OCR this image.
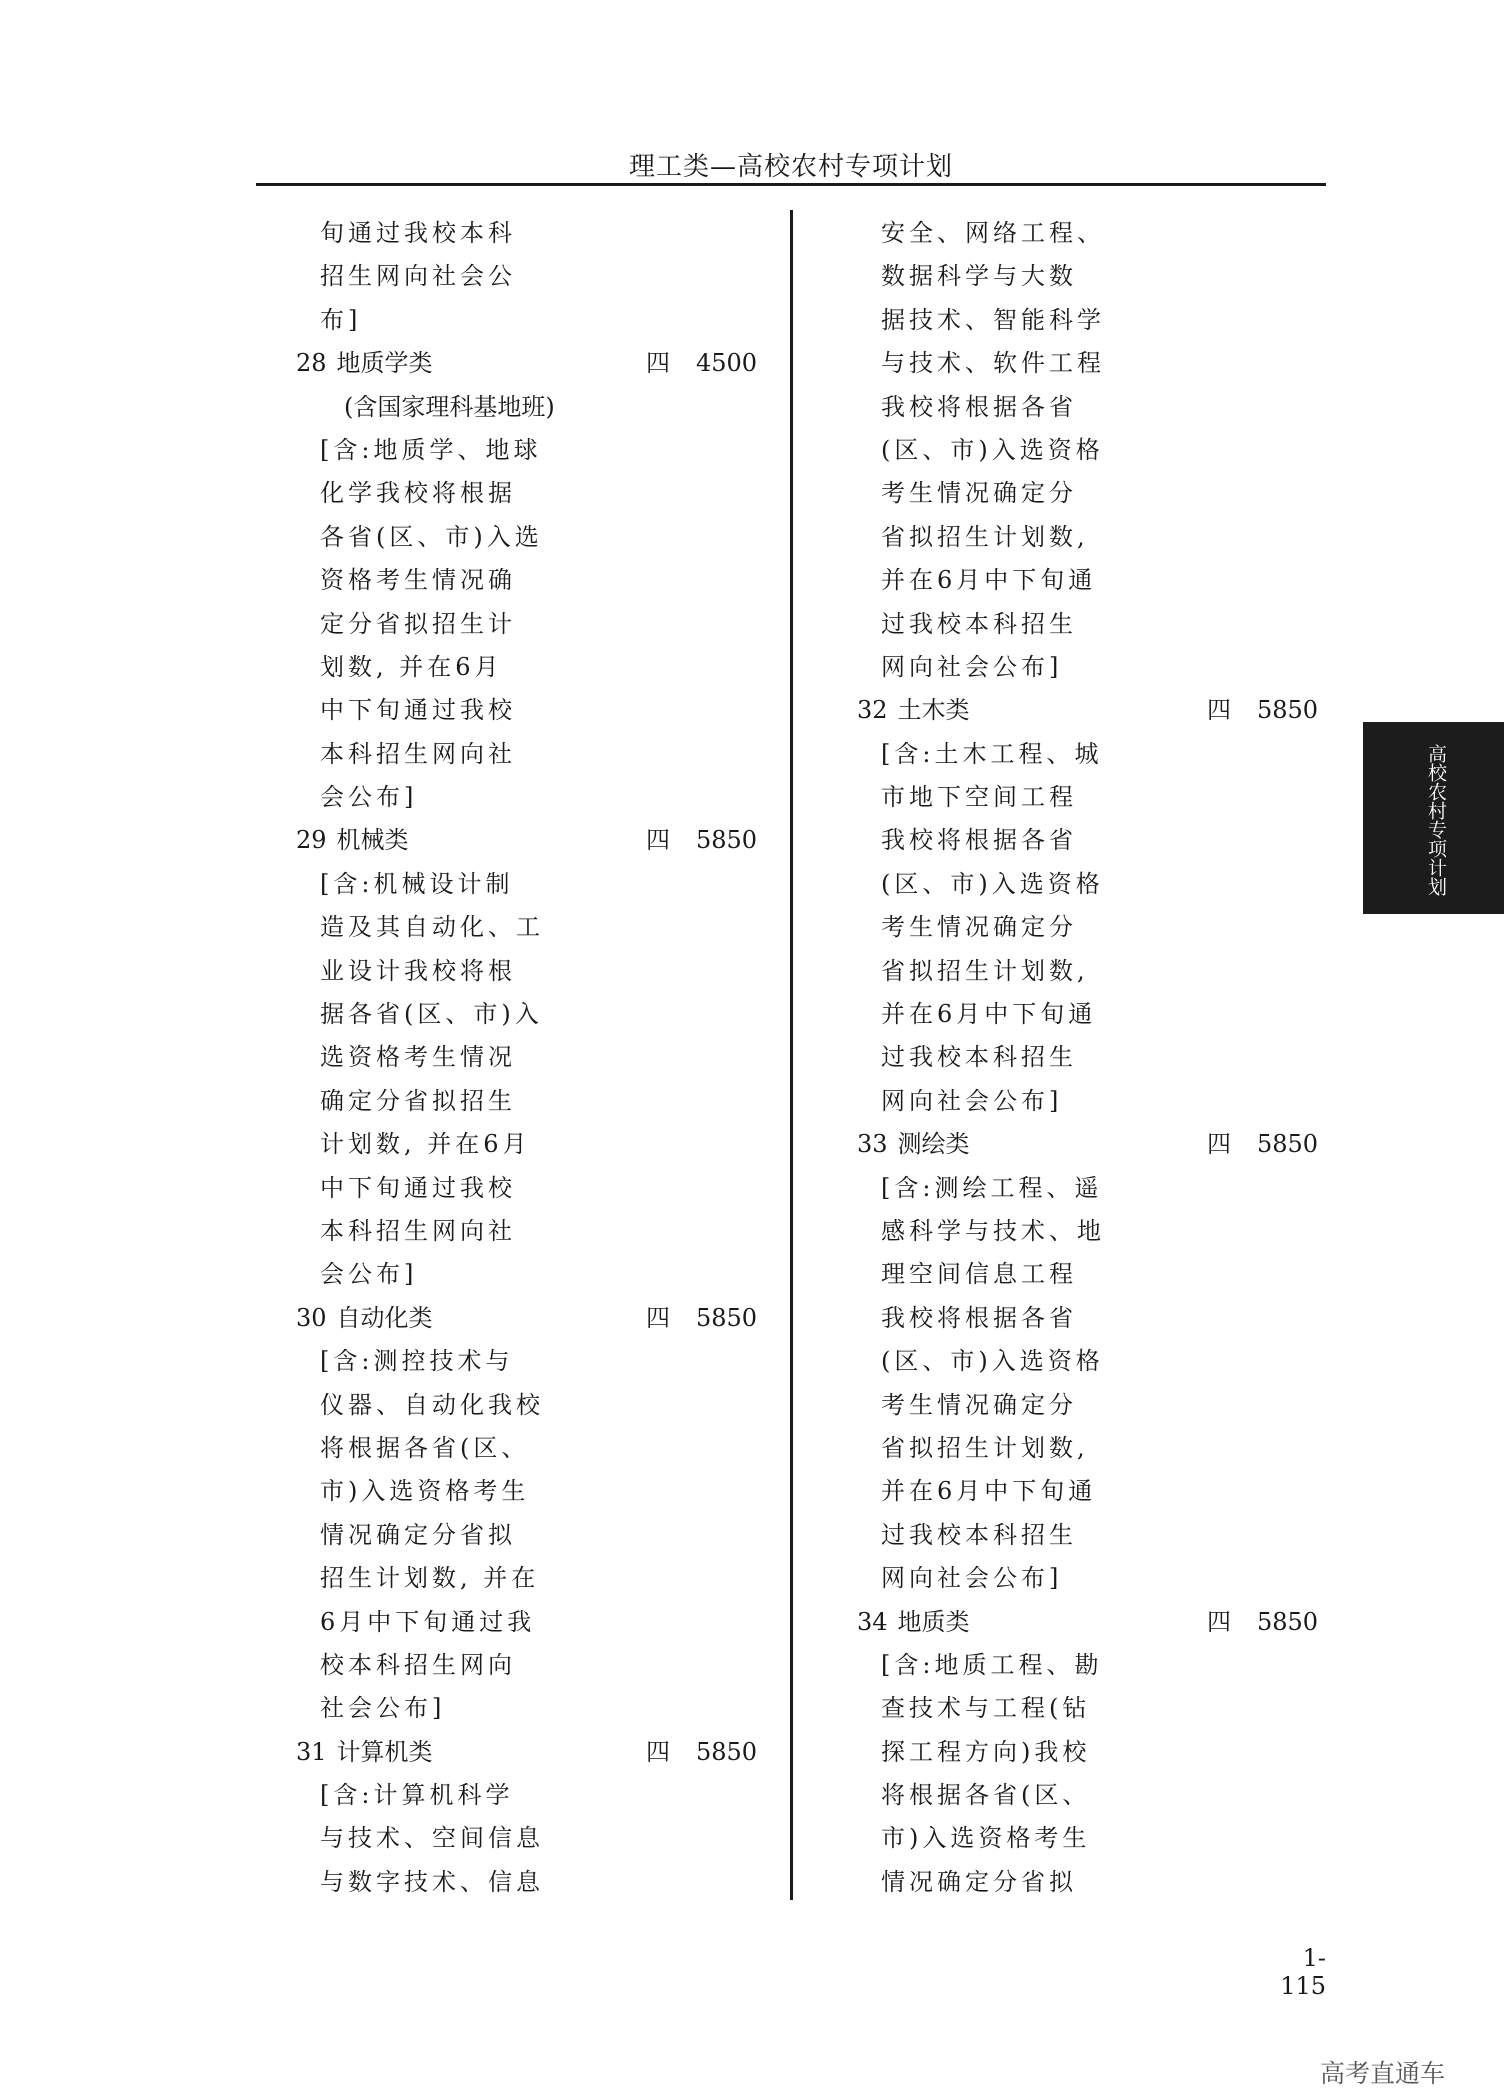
理工类—高校农村专项计划
旬通过我校本科
招生网向社会公
布]
28 地质学类	四 4500
(含国家理科基地班)
[含:地质学、地球
化学我校将根据
各省(区、市)入选
资格考生情况确
定分省拟招生计
划数, 并在6月
中下旬通过我校
本科招生网向社
会公布]
29 机械类	四 5850
[含:机械设计制
造及其自动化、工
业设计我校将根
据各省(区、市)入
选资格考生情况
确定分省拟招生
计划数, 并在6月
中下旬通过我校
本科招生网向社
会公布]
30 自动化类	四 5850
[含:测控技术与
仪器、自动化我校
将根据各省(区、
市)入选资格考生
情况确定分省拟
招生计划数, 并在
6月中下旬通过我
校本科招生网向
社会公布]
31 计算机类	四 5850
[含:计算机科学
与技术、空间信息
与数字技术、信息
安全、网络工程、
数据科学与大数
据技术、智能科学
与技术、软件工程
我校将根据各省
(区、市)入选资格
考生情况确定分
省拟招生计划数,
并在6月中下旬通
过我校本科招生
网向社会公布]
32 土木类	四 5850
[含:土木工程、城
市地下空间工程
我校将根据各省
(区、市)入选资格
考生情况确定分
省拟招生计划数,
并在6月中下旬通
过我校本科招生
网向社会公布]
33 测绘类	四 5850
[含:测绘工程、遥
感科学与技术、地
理空间信息工程
我校将根据各省
(区、市)入选资格
考生情况确定分
省拟招生计划数,
并在6月中下旬通
过我校本科招生
网向社会公布]
34 地质类	四 5850
[含:地质工程、勘
查技术与工程(钻
探工程方向)我校
将根据各省(区、
市)入选资格考生
情况确定分省拟
高校农村专项计划
1-115
高考直通车
